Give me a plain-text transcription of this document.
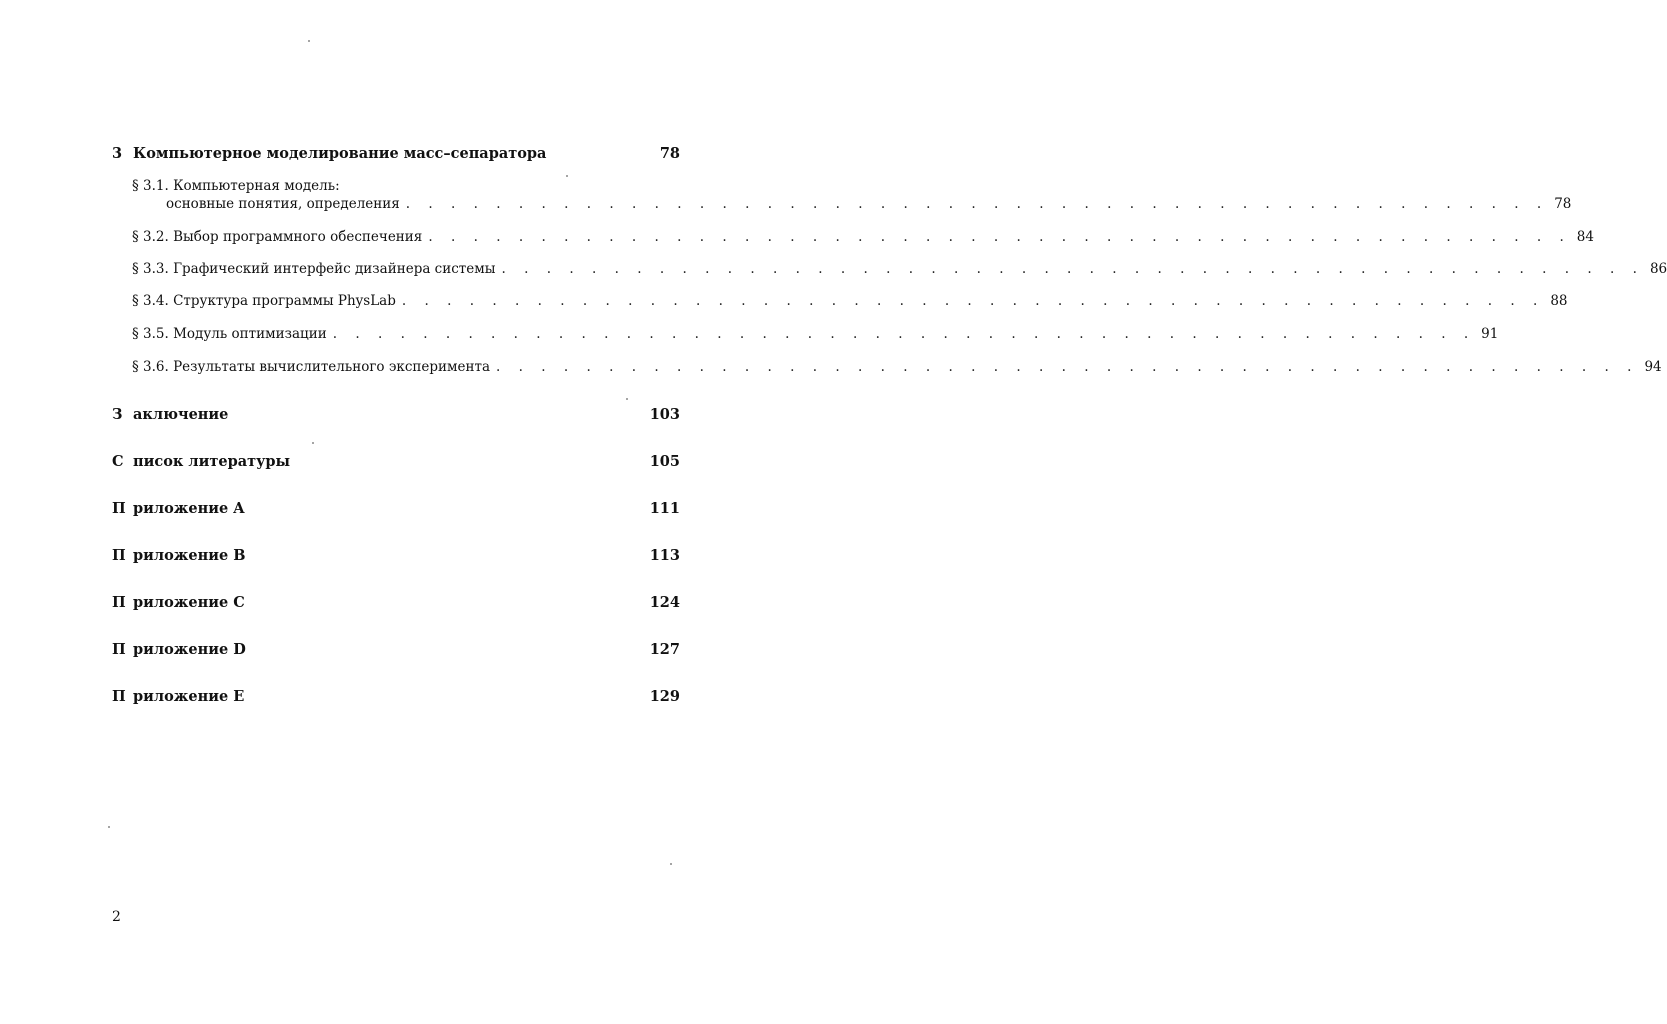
3 Компьютерное моделирование масс–сепаратора	78
§ 3.1. Компьютерная модель:
основные понятия, определения . . . . . . . . . . . . . . . . . . . . . . . . . . . . . . . . . . . . . . . . . . . . . . . . . . . 78
§ 3.2. Выбор программного обеспечения . . . . . . . . . . . . . . . . . . . . . . . . . . . . . . . . . . . . . . . . . . . . . . . . . . . 84
§ 3.3. Графический интерфейс дизайнера системы . . . . . . . . . . . . . . . . . . . . . . . . . . . . . . . . . . . . . . . . . . . . . . . . . . . 86
§ 3.4. Структура программы PhysLab . . . . . . . . . . . . . . . . . . . . . . . . . . . . . . . . . . . . . . . . . . . . . . . . . . . 88
§ 3.5. Модуль оптимизации . . . . . . . . . . . . . . . . . . . . . . . . . . . . . . . . . . . . . . . . . . . . . . . . . . . 91
§ 3.6. Результаты вычислительного эксперимента . . . . . . . . . . . . . . . . . . . . . . . . . . . . . . . . . . . . . . . . . . . . . . . . . . . 94
З аключение	103
С писок литературы	105
П риложение A	111
П риложение B	113
П риложение C	124
П риложение D	127
П риложение E	129
2
